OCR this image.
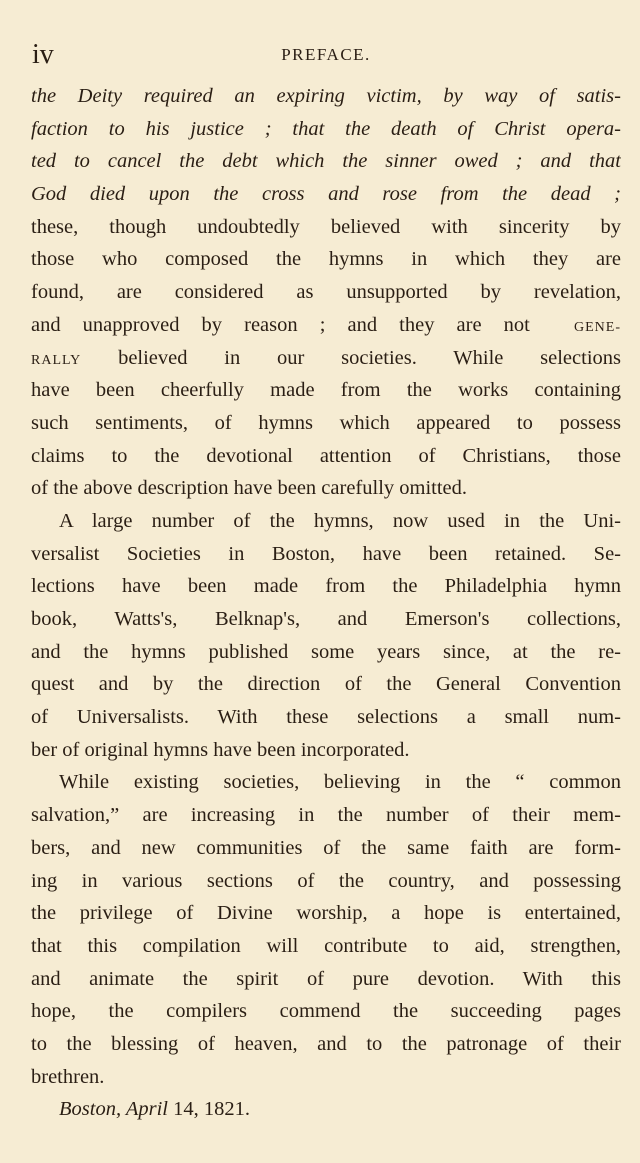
iv	PREFACE.
the Deity required an expiring victim, by way of satis-
faction to his justice ; that the death of Christ opera-
ted to cancel the debt which the sinner owed ; and that
God died upon the cross and rose from the dead ;
these, though undoubtedly believed with sincerity by
those who composed the hymns in which they are
found, are considered as unsupported by revelation,
and unapproved by reason ; and they are not	GENE-
RALLY believed in our societies. While selections
have been cheerfully made from the works containing
such sentiments, of hymns which appeared to possess
claims to the devotional attention of Christians, those
of the above description have been carefully omitted.
A large number of the hymns, now used in the Uni-
versalist Societies in Boston, have been retained. Se-
lections have been made from the Philadelphia hymn
book, Watts's, Belknap's, and Emerson's collections,
and the hymns published some years since, at the re-
quest and by the direction of the General Convention
of Universalists. With these selections a small num-
ber of original hymns have been incorporated.
While existing societies, believing in the “ common
salvation,” are increasing in the number of their mem-
bers, and new communities of the same faith are form-
ing in various sections of the country, and possessing
the privilege of Divine worship, a hope is entertained,
that this compilation will contribute to aid, strengthen,
and animate the spirit of pure devotion. With this
hope, the compilers commend the succeeding pages
to the blessing of heaven, and to the patronage of their
brethren.
Boston, April 14, 1821.
